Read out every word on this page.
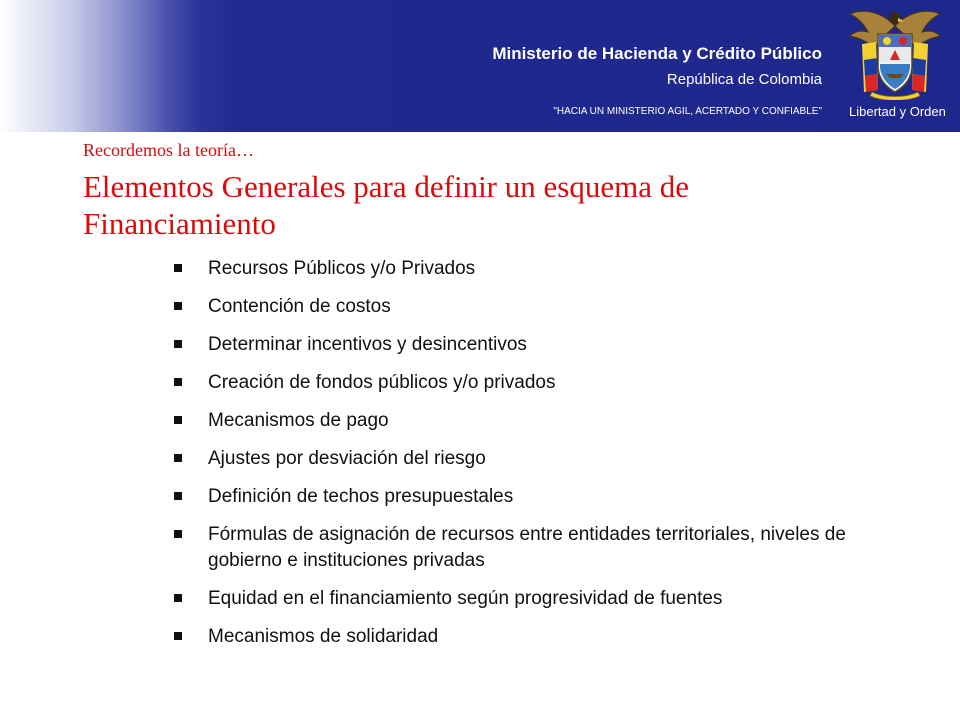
Ministerio de Hacienda y Crédito Público
República de Colombia
"HACIA UN MINISTERIO AGIL, ACERTADO Y CONFIABLE" Libertad y Orden
Recordemos la teoría…
Elementos Generales para definir un esquema de Financiamiento
Recursos Públicos y/o Privados
Contención de costos
Determinar incentivos y desincentivos
Creación de fondos públicos y/o privados
Mecanismos de pago
Ajustes por desviación del riesgo
Definición de techos presupuestales
Fórmulas de asignación de recursos entre entidades territoriales, niveles de gobierno e instituciones privadas
Equidad en el financiamiento según progresividad de fuentes
Mecanismos de solidaridad
